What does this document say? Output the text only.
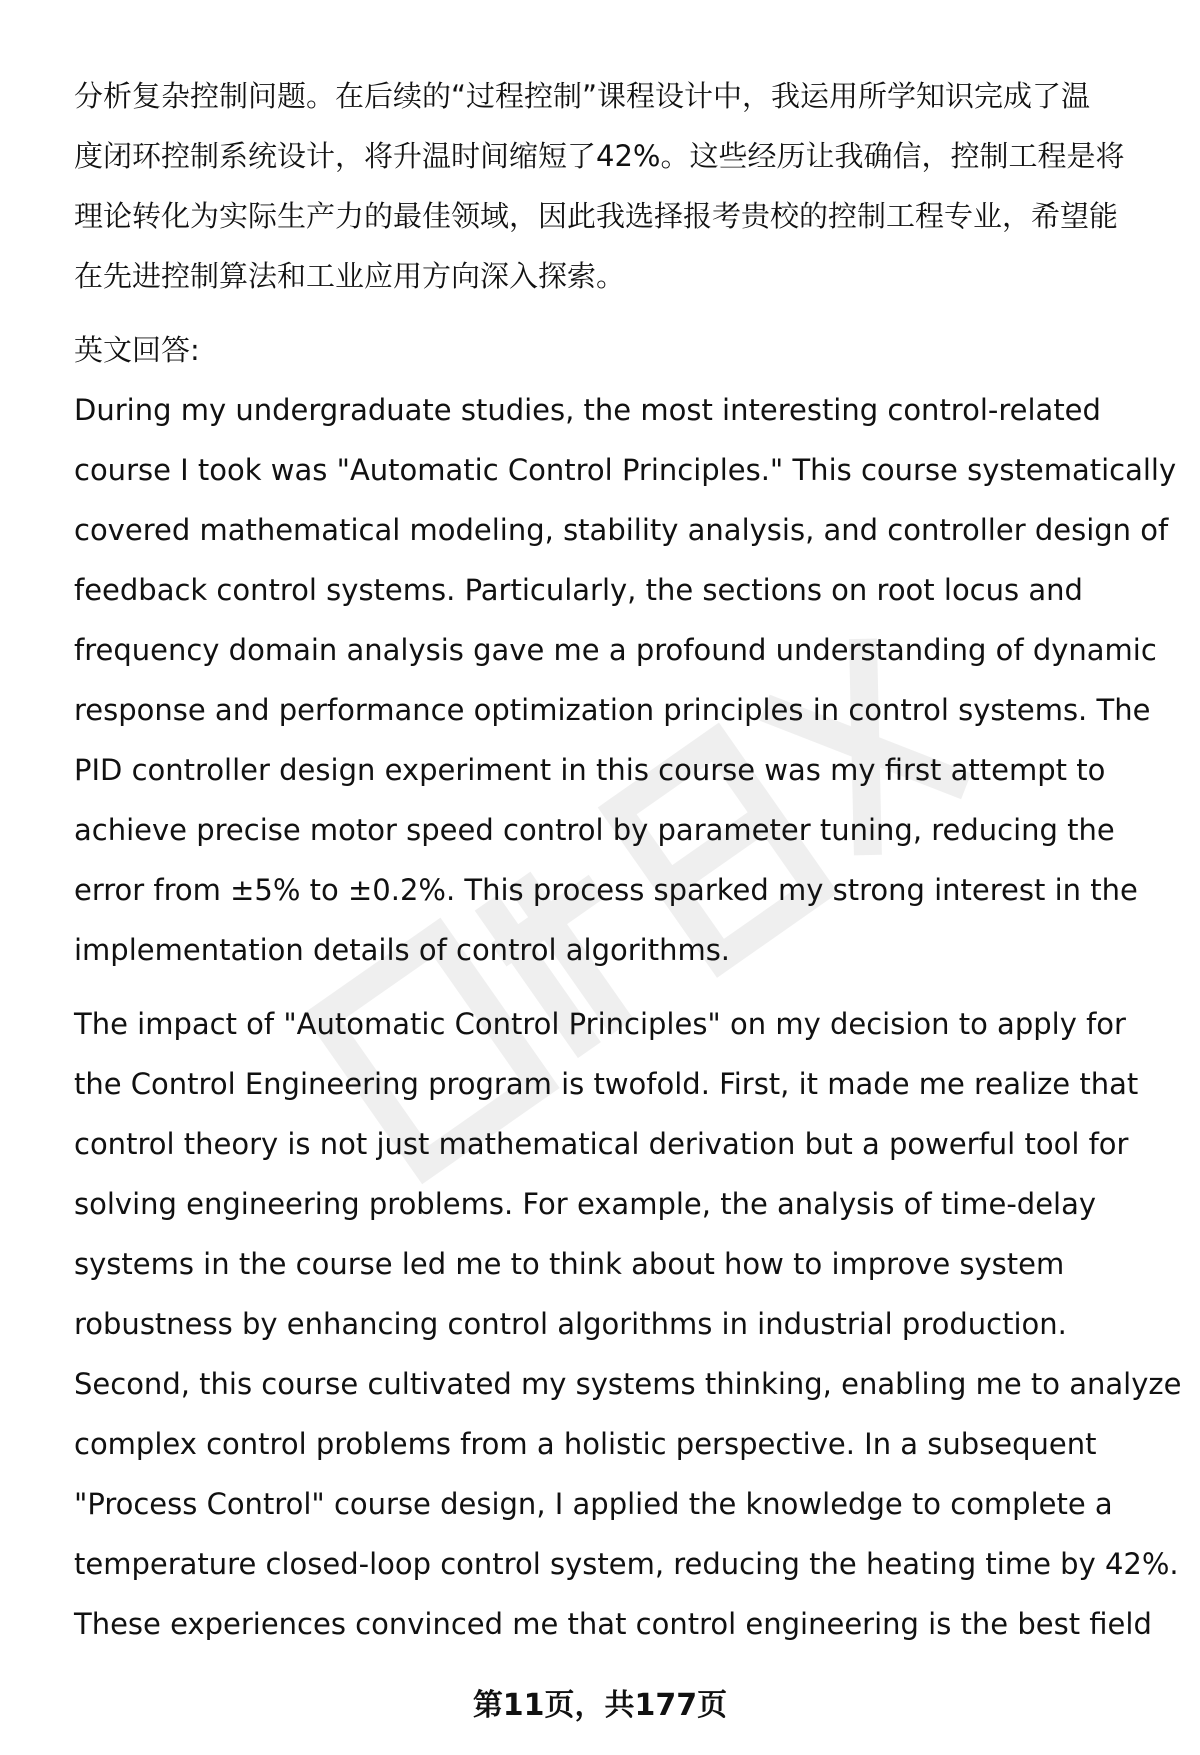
分析复杂控制问题。在后续的“过程控制”课程设计中，我运用所学知识完成了温
度闭环控制系统设计，将升温时间缩短了42%。这些经历让我确信，控制工程是将
理论转化为实际生产力的最佳领域，因此我选择报考贵校的控制工程专业，希望能
在先进控制算法和工业应用方向深入探索。

英文回答:
During my undergraduate studies, the most interesting control-related
course I took was "Automatic Control Principles." This course systematically
covered mathematical modeling, stability analysis, and controller design of
feedback control systems. Particularly, the sections on root locus and
frequency domain analysis gave me a profound understanding of dynamic
response and performance optimization principles in control systems. The
PID controller design experiment in this course was my first attempt to
achieve precise motor speed control by parameter tuning, reducing the
error from ±5% to ±0.2%. This process sparked my strong interest in the
implementation details of control algorithms.

The impact of "Automatic Control Principles" on my decision to apply for
the Control Engineering program is twofold. First, it made me realize that
control theory is not just mathematical derivation but a powerful tool for
solving engineering problems. For example, the analysis of time-delay
systems in the course led me to think about how to improve system
robustness by enhancing control algorithms in industrial production.
Second, this course cultivated my systems thinking, enabling me to analyze
complex control problems from a holistic perspective. In a subsequent
"Process Control" course design, I applied the knowledge to complete a
temperature closed-loop control system, reducing the heating time by 42%.
These experiences convinced me that control engineering is the best field

第11页，共177页
